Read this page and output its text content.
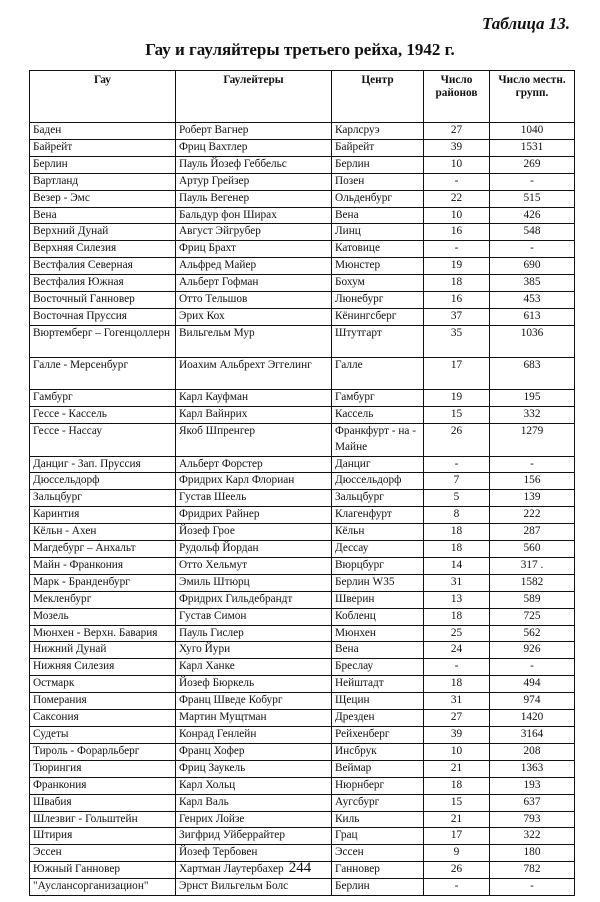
Таблица 13.
Гау и гауляйтеры третьего рейха, 1942 г.
Гау	Гаулейтеры	Центр	Число районов	Число местн. групп.
Баден	Роберт Вагнер	Карлсруэ	27	1040
Байрейт	Фриц Вахтлер	Байрейт	39	1531
Берлин	Пауль Йозеф Геббельс	Берлин	10	269
Вартланд	Артур Грейзер	Позен	-	-
Везер - Эмс	Пауль Вегенер	Ольденбург	22	515
Вена	Бальдур фон Ширах	Вена	10	426
Верхний Дунай	Август Эйгрубер	Линц	16	548
Верхняя Силезия	Фриц Брахт	Катовице	-	-
Вестфалия Северная	Альфред Майер	Мюнстер	19	690
Вестфалия Южная	Альберт Гофман	Бохум	18	385
Восточный Ганновер	Отто Тельшов	Люнебург	16	453
Восточная Пруссия	Эрих Кох	Кёнингсберг	37	613
Вюртемберг – Гогенцоллерн	Вильгельм Мур	Штутгарт	35	1036
Галле - Мерсенбург	Иоахим Альбрехт Эггелинг	Галле	17	683
Гамбург	Карл Кауфман	Гамбург	19	195
Гессе - Кассель	Карл Вайнрих	Кассель	15	332
Гессе - Нассау	Якоб Шпренгер	Франкфурт - на - Майне	26	1279
Данциг - Зап. Пруссия	Альберт Форстер	Данциг	-	-
Дюссельдорф	Фридрих Карл Флориан	Дюссельдорф	7	156
Зальцбург	Густав Шеель	Зальцбург	5	139
Каринтия	Фридрих Райнер	Клагенфурт	8	222
Кёльн - Ахен	Йозеф Грое	Кёльн	18	287
Магдебург – Анхальт	Рудольф Йордан	Дессау	18	560
Майн - Франкония	Отто Хельмут	Вюрцбург	14	317 .
Марк - Бранденбург	Эмиль Штюрц	Берлин W35	31	1582
Мекленбург	Фридрих Гильдебрандт	Шверин	13	589
Мозель	Густав Симон	Кобленц	18	725
Мюнхен - Верхн. Бавария	Пауль Гислер	Мюнхен	25	562
Нижний Дунай	Хуго Йури	Вена	24	926
Нижняя Силезия	Карл Ханке	Бреслау	-	-
Остмарк	Йозеф Бюркель	Нейштадт	18	494
Померания	Франц Шведе Кобург	Щецин	31	974
Саксония	Мартин Мущтман	Дрезден	27	1420
Судеты	Конрад Генлейн	Рейхенберг	39	3164
Тироль - Форарльберг	Франц Хофер	Инсбрук	10	208
Тюрингия	Фриц Заукель	Веймар	21	1363
Франкония	Карл Хольц	Нюрнберг	18	193
Швабия	Карл Валь	Аугсбург	15	637
Шлезвиг - Гольштейн	Генрих Лойзе	Киль	21	793
Штирия	Зигфрид Уйберрайтер	Грац	17	322
Эссен	Йозеф Тербовен	Эссен	9	180
Южный Ганновер	Хартман Лаутербахер	Ганновер	26	782
"Ауслансорганизацион"	Эрнст Вильгельм Болс	Берлин	-	-
244
